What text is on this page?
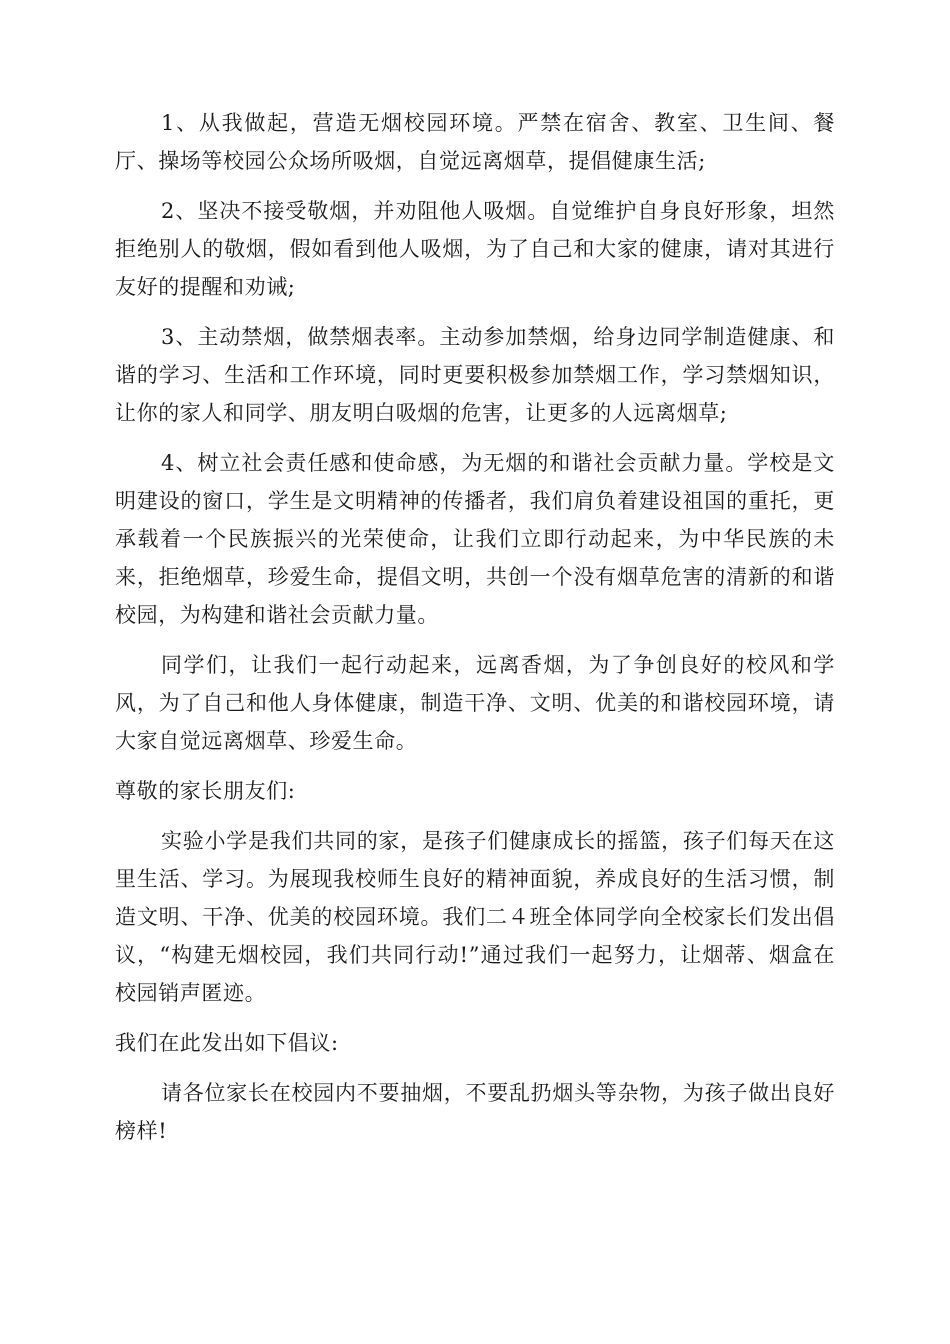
1、从我做起，营造无烟校园环境。严禁在宿舍、教室、卫生间、餐厅、操场等校园公众场所吸烟，自觉远离烟草，提倡健康生活;

2、坚决不接受敬烟，并劝阻他人吸烟。自觉维护自身良好形象，坦然拒绝别人的敬烟，假如看到他人吸烟，为了自己和大家的健康，请对其进行友好的提醒和劝诫;

3、主动禁烟，做禁烟表率。主动参加禁烟，给身边同学制造健康、和谐的学习、生活和工作环境，同时更要积极参加禁烟工作，学习禁烟知识，让你的家人和同学、朋友明白吸烟的危害，让更多的人远离烟草;

4、树立社会责任感和使命感，为无烟的和谐社会贡献力量。学校是文明建设的窗口，学生是文明精神的传播者，我们肩负着建设祖国的重托，更承载着一个民族振兴的光荣使命，让我们立即行动起来，为中华民族的未来，拒绝烟草，珍爱生命，提倡文明，共创一个没有烟草危害的清新的和谐校园，为构建和谐社会贡献力量。

同学们，让我们一起行动起来，远离香烟，为了争创良好的校风和学风，为了自己和他人身体健康，制造干净、文明、优美的和谐校园环境，请大家自觉远离烟草、珍爱生命。

尊敬的家长朋友们:

实验小学是我们共同的家，是孩子们健康成长的摇篮，孩子们每天在这里生活、学习。为展现我校师生良好的精神面貌，养成良好的生活习惯，制造文明、干净、优美的校园环境。我们二４班全体同学向全校家长们发出倡议，“构建无烟校园，我们共同行动!”通过我们一起努力，让烟蒂、烟盒在校园销声匿迹。

我们在此发出如下倡议:

请各位家长在校园内不要抽烟，不要乱扔烟头等杂物，为孩子做出良好榜样!
